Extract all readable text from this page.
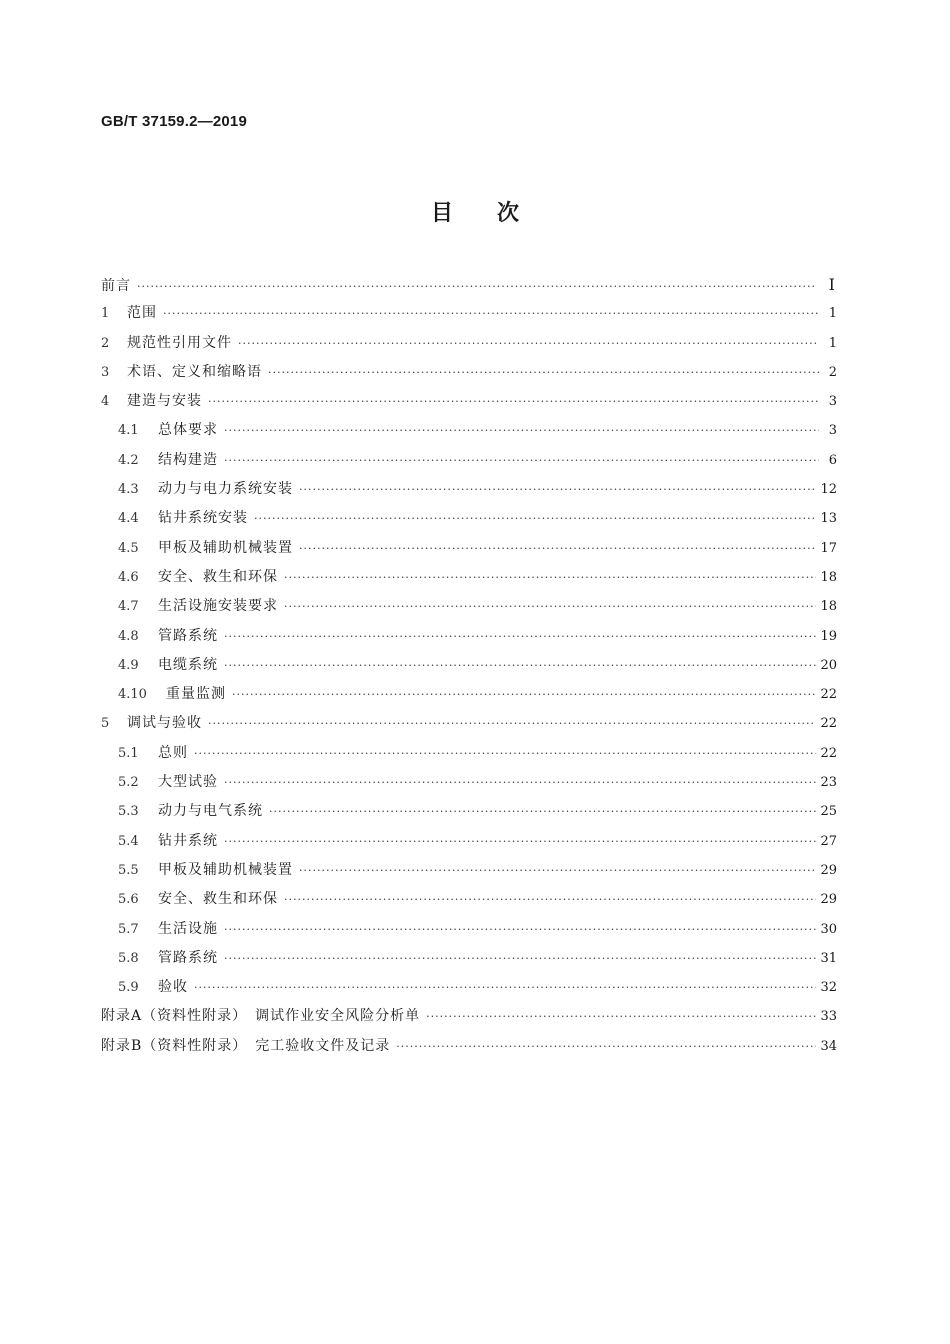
GB/T 37159.2—2019
目次
前言 ·····	Ⅰ
1	范围 ·····	1
2	规范性引用文件 ·····	1
3	术语、定义和缩略语 ·····	2
4	建造与安装 ·····	3
4.1	总体要求 ·····	3
4.2	结构建造 ·····	6
4.3	动力与电力系统安装 ·····	12
4.4	钻井系统安装 ·····	13
4.5	甲板及辅助机械装置 ·····	17
4.6	安全、救生和环保 ·····	18
4.7	生活设施安装要求 ·····	18
4.8	管路系统 ·····	19
4.9	电缆系统 ·····	20
4.10	重量监测 ·····	22
5	调试与验收 ·····	22
5.1	总则 ·····	22
5.2	大型试验 ·····	23
5.3	动力与电气系统 ·····	25
5.4	钻井系统 ·····	27
5.5	甲板及辅助机械装置 ·····	29
5.6	安全、救生和环保 ·····	29
5.7	生活设施 ·····	30
5.8	管路系统 ·····	31
5.9	验收 ·····	32
附录A（资料性附录）　调试作业安全风险分析单 ·····	33
附录B（资料性附录）　完工验收文件及记录 ·····	34
